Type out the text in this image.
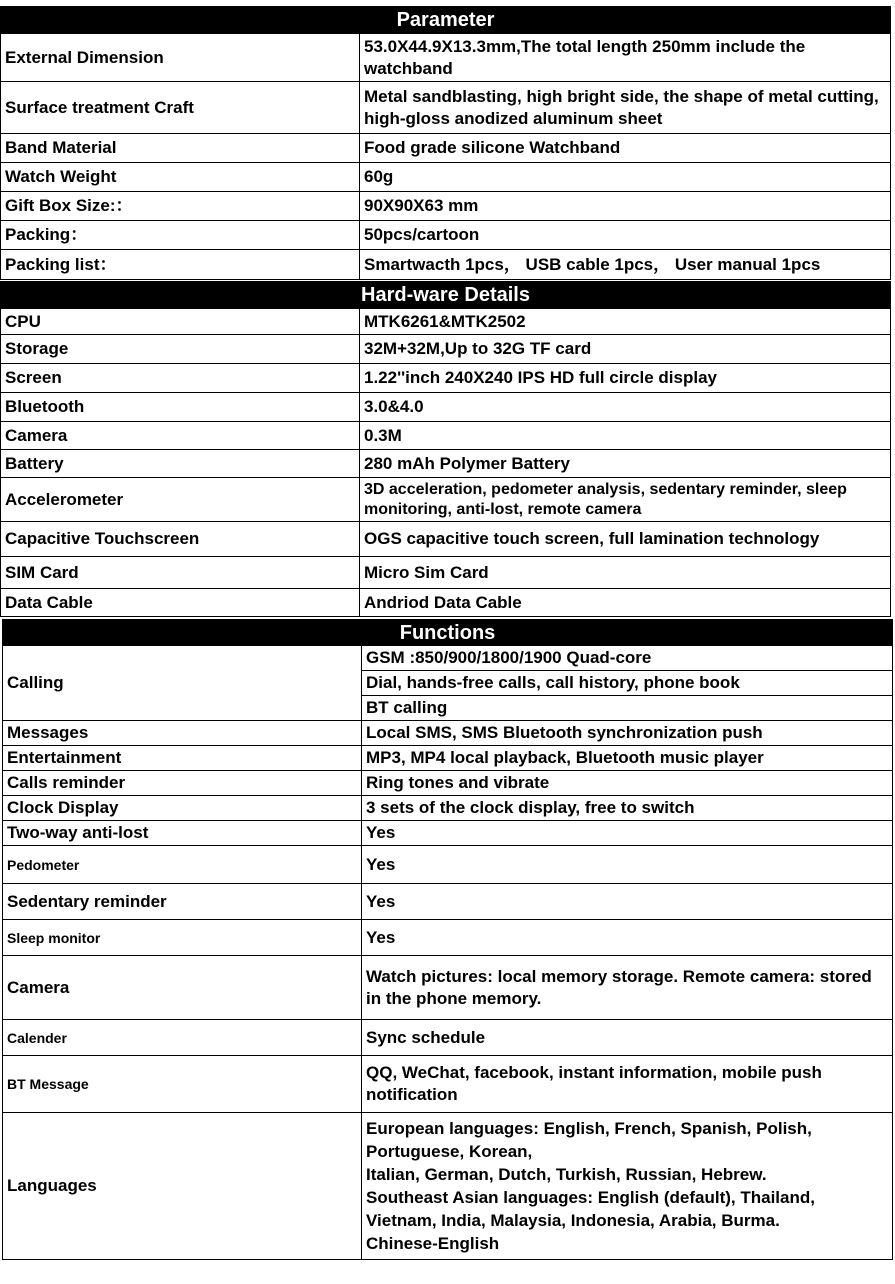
Parameter	
External Dimension	53.0X44.9X13.3mm,The total length 250mm include the watchband
Surface treatment Craft	Metal sandblasting, high bright side, the shape of metal cutting, high-gloss anodized aluminum sheet
Band Material	Food grade silicone Watchband
Watch Weight	60g
Gift Box Size:：	90X90X63 mm
Packing：	50pcs/cartoon
Packing list：	Smartwacth 1pcs， USB cable 1pcs， User manual 1pcs
Hard-ware Details	
CPU	MTK6261&MTK2502
Storage	32M+32M,Up to 32G TF card
Screen	1.22''inch 240X240 IPS HD full circle display
Bluetooth	3.0&4.0
Camera	0.3M
Battery	280 mAh Polymer Battery
Accelerometer	3D acceleration, pedometer analysis, sedentary reminder, sleep monitoring, anti-lost, remote camera
Capacitive Touchscreen	OGS capacitive touch screen, full lamination technology
SIM Card	Micro Sim Card
Data Cable	Andriod Data Cable
Functions	
Calling	GSM :850/900/1800/1900 Quad-core
	Dial, hands-free calls, call history, phone book
	BT calling
Messages	Local SMS, SMS Bluetooth synchronization push
Entertainment	MP3, MP4 local playback, Bluetooth music player
Calls reminder	Ring tones and vibrate
Clock Display	3 sets of the clock display, free to switch
Two-way anti-lost	Yes
Pedometer	Yes
Sedentary reminder	Yes
Sleep monitor	Yes
Camera	Watch pictures: local memory storage. Remote camera: stored in the phone memory.
Calender	Sync schedule
BT Message	QQ, WeChat, facebook, instant information, mobile push notification
Languages	European languages: English, French, Spanish, Polish, Portuguese, Korean,
Italian, German, Dutch, Turkish, Russian, Hebrew.
Southeast Asian languages: English (default), Thailand, Vietnam, India, Malaysia, Indonesia, Arabia, Burma.
Chinese-English
